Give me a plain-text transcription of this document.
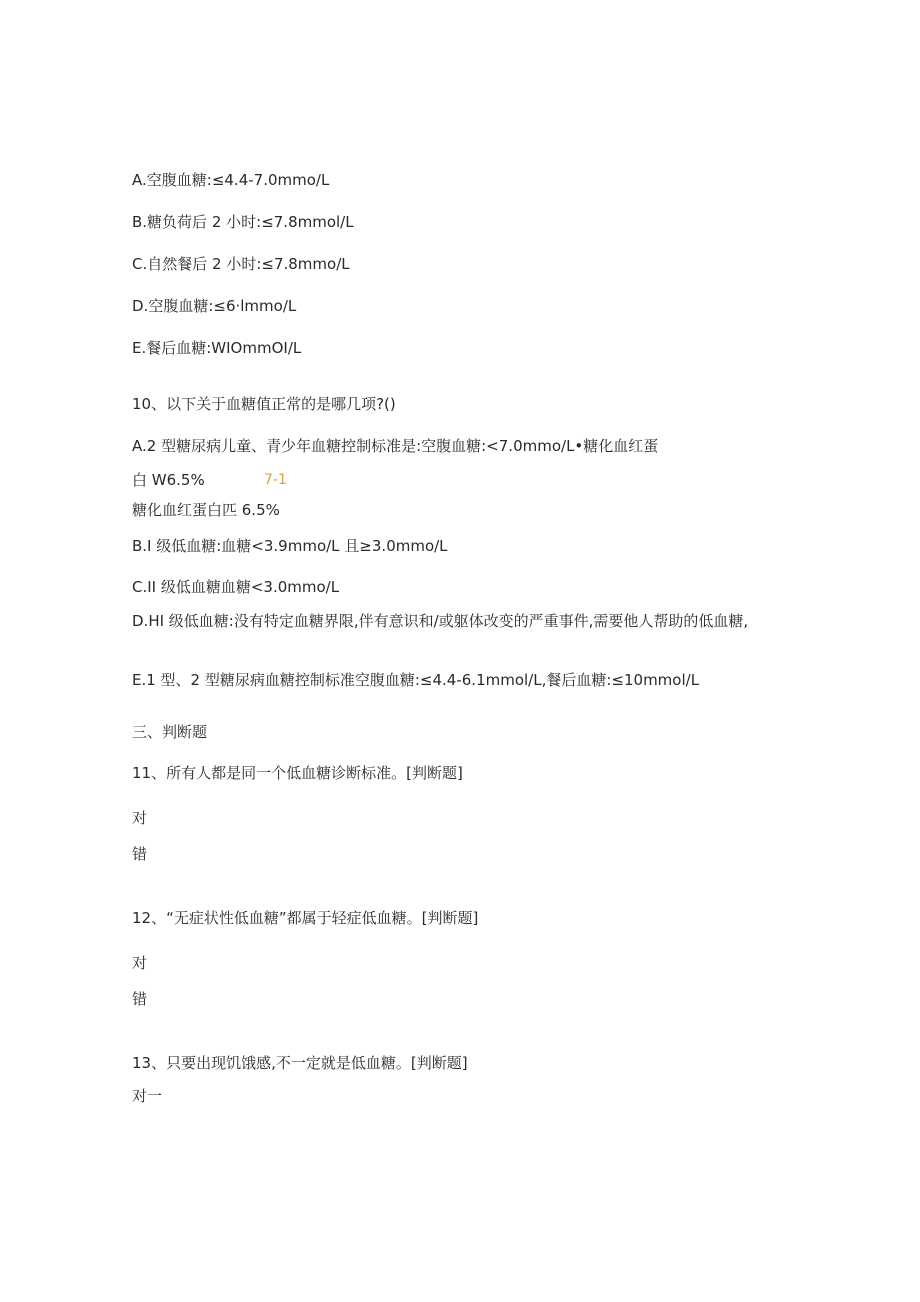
A.空腹血糖:≤4.4-7.0mmo∕L
B.糖负荷后 2 小时:≤7.8mmol/L
C.自然餐后 2 小时:≤7.8mmo∕L
D.空腹血糖:≤6·lmmo∕L
E.餐后血糖:WIOmmOI/L
10、以下关于血糖值正常的是哪几项?()
A.2 型糖尿病儿童、青少年血糖控制标准是:空腹血糖:<7.0mmo∕L•糖化血红蛋
白 W6.5%	7-1
糖化血红蛋白匹 6.5%
B.I 级低血糖:血糖<3.9mmo∕L 且≥3.0mmo∕L
C.II 级低血糖血糖<3.0mmo∕L
D.HI 级低血糖:没有特定血糖界限,伴有意识和/或躯体改变的严重事件,需要他人帮助的低血糖,
E.1 型、2 型糖尿病血糖控制标准空腹血糖:≤4.4-6.1mmol/L,餐后血糖:≤10mmol/L
三、判断题
11、所有人都是同一个低血糖诊断标准。[判断题]
对
错
12、“无症状性低血糖”都属于轻症低血糖。[判断题]
对
错
13、只要出现饥饿感,不一定就是低血糖。[判断题]
对一
